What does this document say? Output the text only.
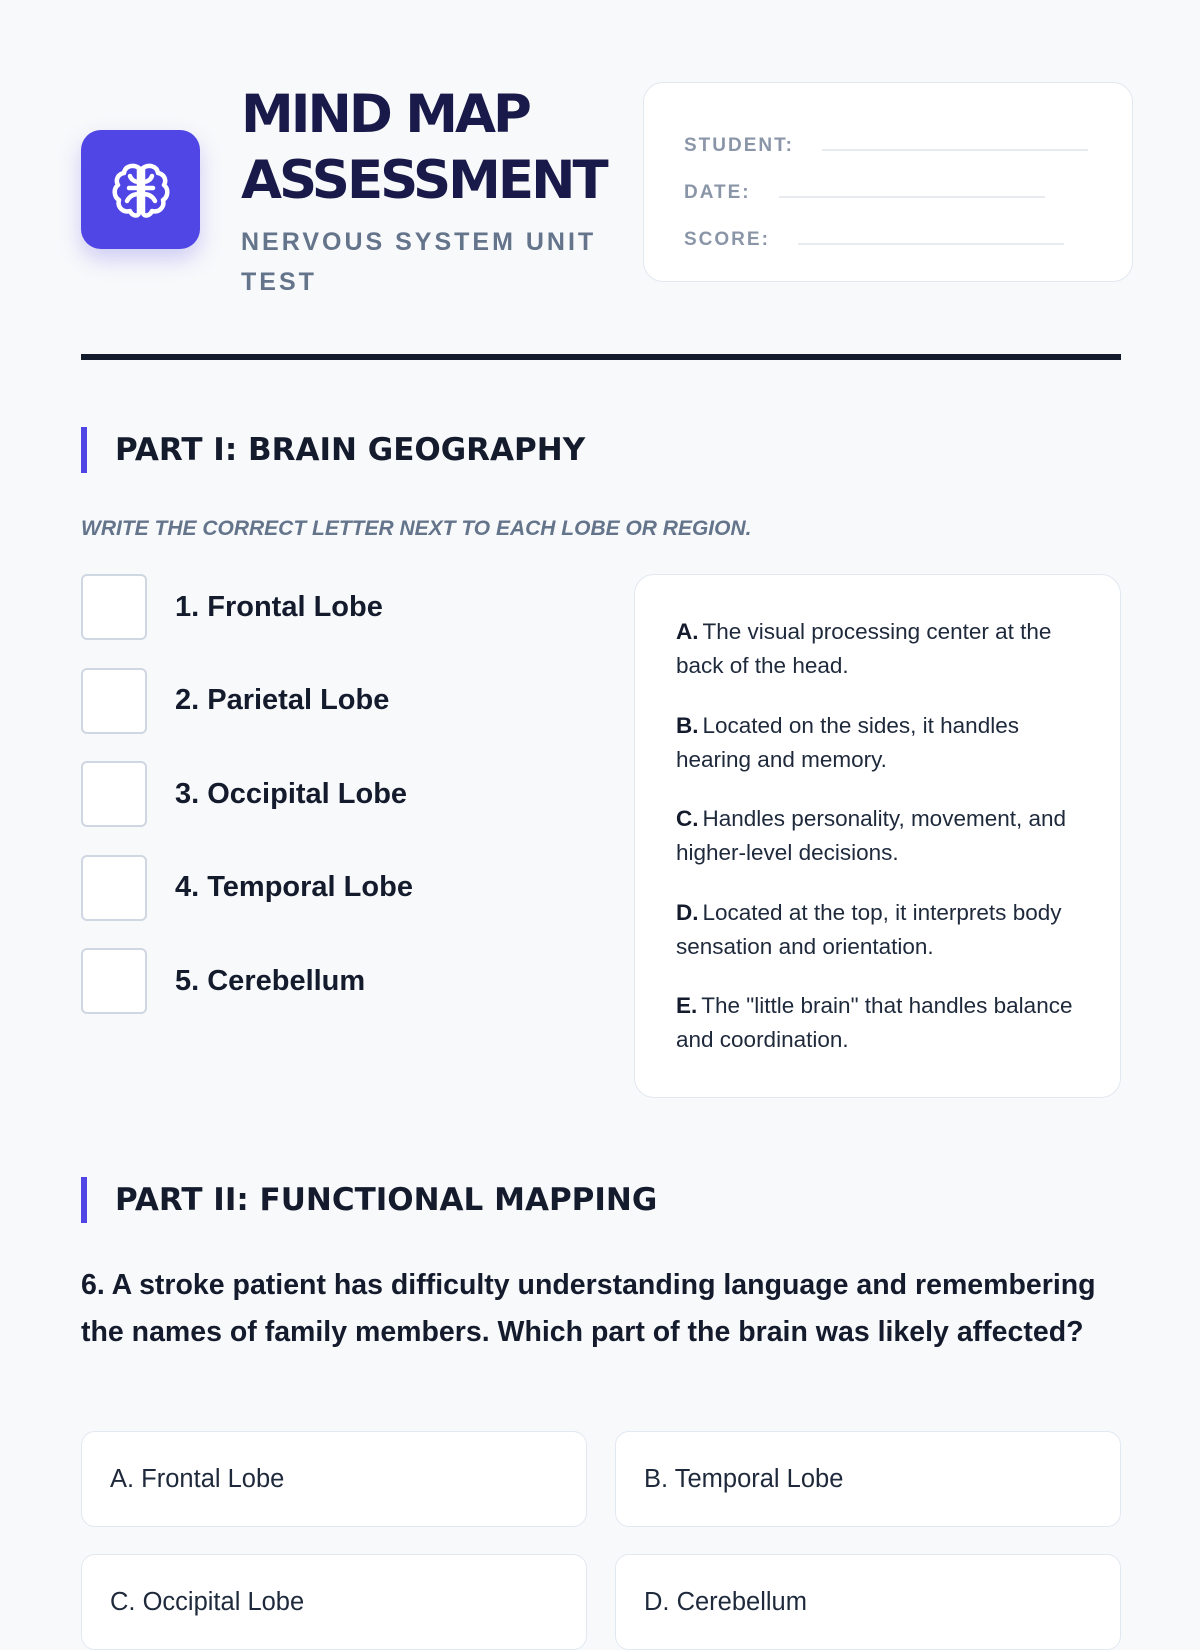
MIND MAP
ASSESSMENT
NERVOUS SYSTEM UNIT TEST
STUDENT:
DATE:
SCORE:
PART I: BRAIN GEOGRAPHY
WRITE THE CORRECT LETTER NEXT TO EACH LOBE OR REGION.
1. Frontal Lobe
2. Parietal Lobe
3. Occipital Lobe
4. Temporal Lobe
5. Cerebellum

A. The visual processing center at the back of the head.

B. Located on the sides, it handles hearing and memory.

C. Handles personality, movement, and higher-level decisions.

D. Located at the top, it interprets body sensation and orientation.

E. The "little brain" that handles balance and coordination.

PART II: FUNCTIONAL MAPPING
6. A stroke patient has difficulty understanding language and remembering the names of family members. Which part of the brain was likely affected?
A. Frontal Lobe	B. Temporal Lobe
C. Occipital Lobe	D. Cerebellum
